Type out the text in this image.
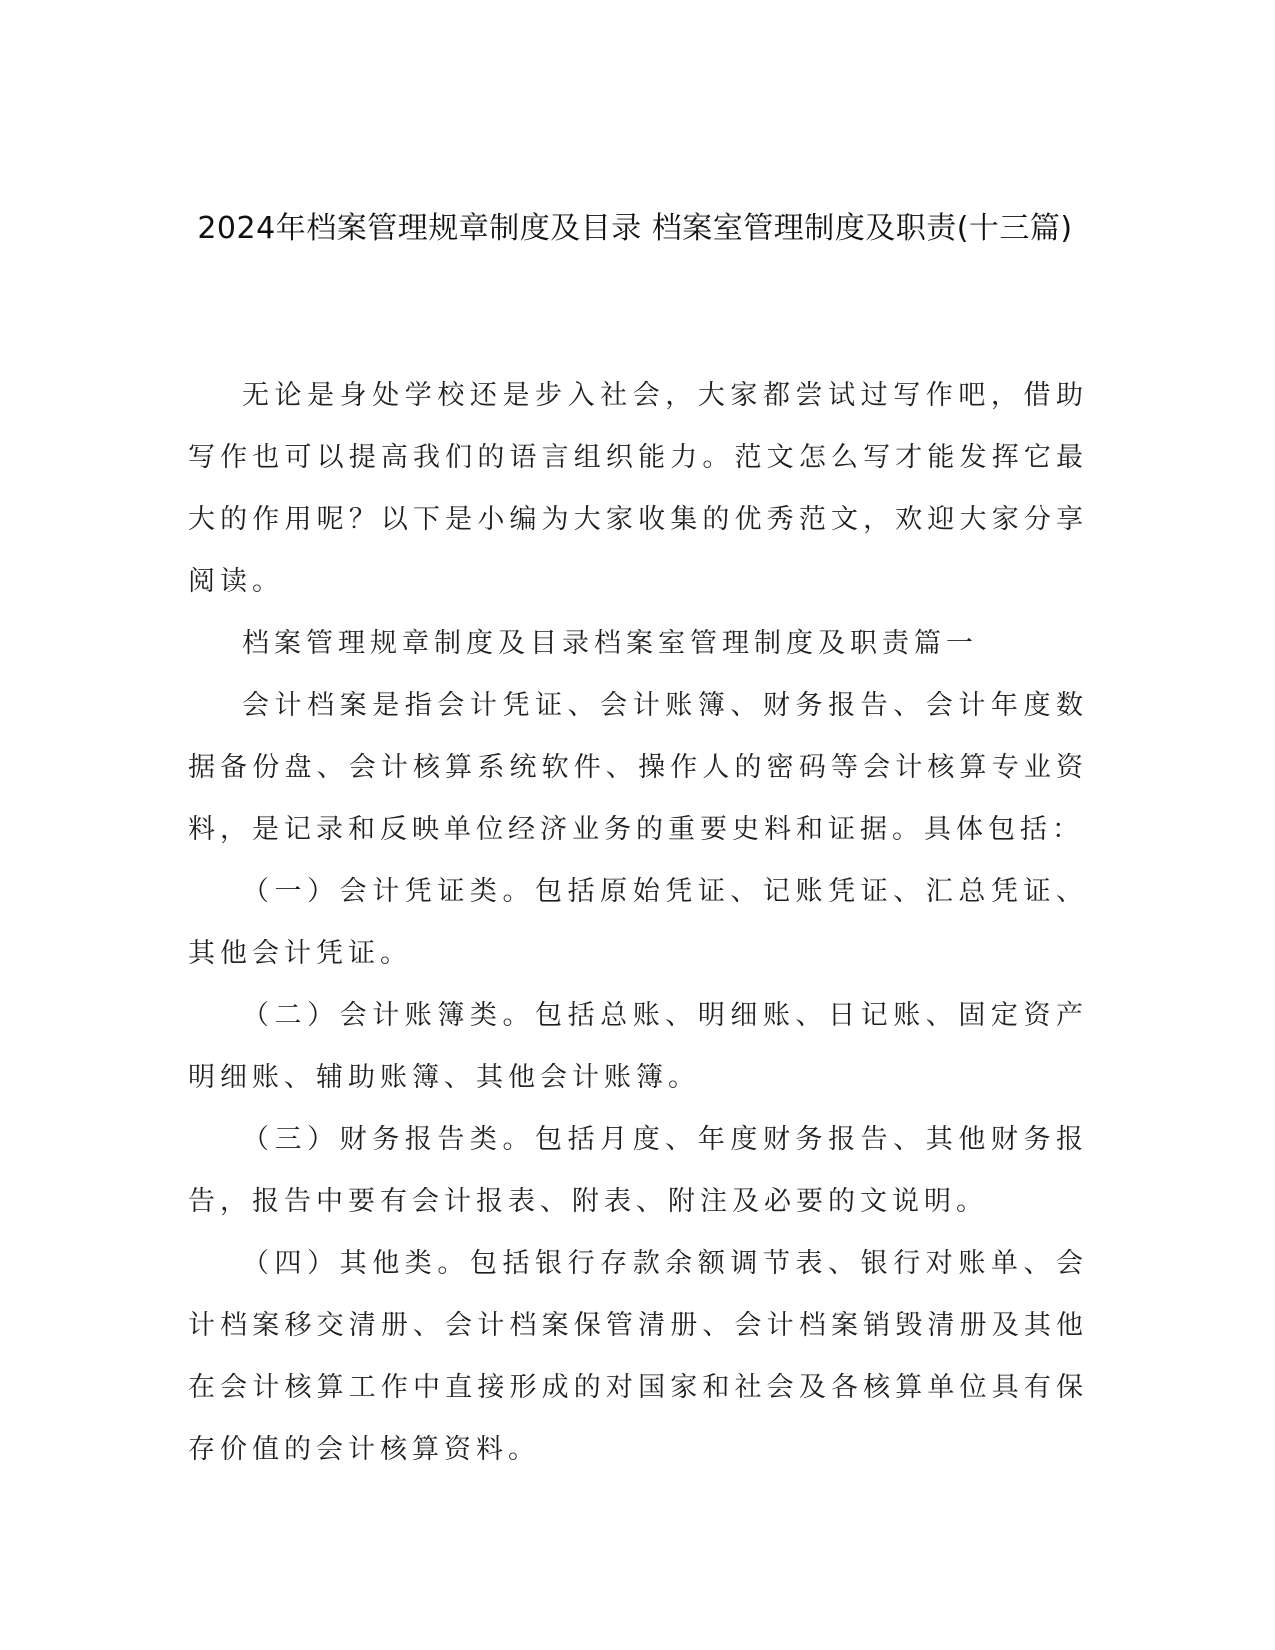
2024年档案管理规章制度及目录 档案室管理制度及职责(十三篇)

无论是身处学校还是步入社会，大家都尝试过写作吧，借助写作也可以提高我们的语言组织能力。范文怎么写才能发挥它最大的作用呢？以下是小编为大家收集的优秀范文，欢迎大家分享阅读。

档案管理规章制度及目录档案室管理制度及职责篇一

会计档案是指会计凭证、会计账簿、财务报告、会计年度数据备份盘、会计核算系统软件、操作人的密码等会计核算专业资料，是记录和反映单位经济业务的重要史料和证据。具体包括：

（一）会计凭证类。包括原始凭证、记账凭证、汇总凭证、其他会计凭证。

（二）会计账簿类。包括总账、明细账、日记账、固定资产明细账、辅助账簿、其他会计账簿。

（三）财务报告类。包括月度、年度财务报告、其他财务报告，报告中要有会计报表、附表、附注及必要的文说明。

（四）其他类。包括银行存款余额调节表、银行对账单、会计档案移交清册、会计档案保管清册、会计档案销毁清册及其他在会计核算工作中直接形成的对国家和社会及各核算单位具有保存价值的会计核算资料。
